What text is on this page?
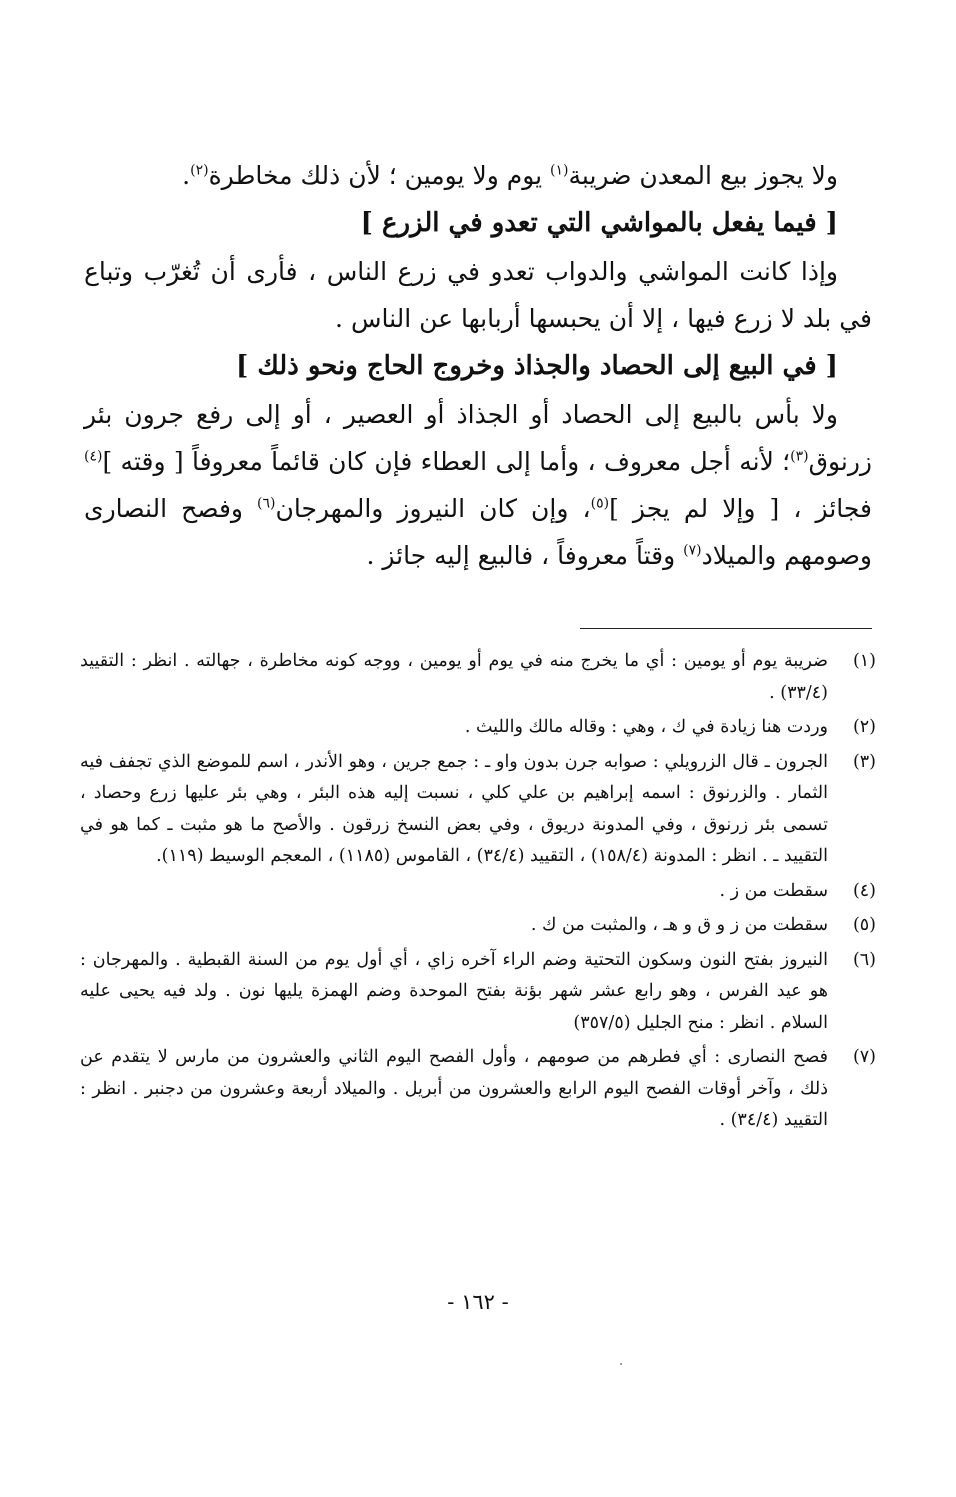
ولا يجوز بيع المعدن ضريبة$^{(١)}$ يوم ولا يومين ؛ لأن ذلك مخاطرة$^{(٢)}$.

[ فيما يفعل بالمواشي التي تعدو في الزرع ]

وإذا كانت المواشي والدواب تعدو في زرع الناس ، فأرى أن تُغرّب وتباع في بلد لا زرع فيها ، إلا أن يحبسها أربابها عن الناس .

[ في البيع إلى الحصاد والجذاذ وخروج الحاج ونحو ذلك ]

ولا بأس بالبيع إلى الحصاد أو الجذاذ أو العصير ، أو إلى رفع جرون بئر زرنوق$^{(٣)}$؛ لأنه أجل معروف ، وأما إلى العطاء فإن كان قائماً معروفاً [ وقته ]$^{(٤)}$ فجائز ، [ وإلا لم يجز ]$^{(٥)}$، وإن كان النيروز والمهرجان$^{(٦)}$ وفصح النصارى وصومهم والميلاد$^{(٧)}$ وقتاً معروفاً ، فالبيع إليه جائز .

(١)
ضريبة يوم أو يومين : أي ما يخرج منه في يوم أو يومين ، ووجه كونه مخاطرة ، جهالته . انظر : التقييد (٣٣/٤) .
(٢)
وردت هنا زيادة في ك ، وهي : وقاله مالك والليث .
(٣)
الجرون ـ قال الزرويلي : صوابه جرن بدون واو ـ : جمع جرين ، وهو الأندر ، اسم للموضع الذي تجفف فيه الثمار . والزرنوق : اسمه إبراهيم بن علي كلي ، نسبت إليه هذه البئر ، وهي بئر عليها زرع وحصاد ، تسمى بئر زرنوق ، وفي المدونة دريوق ، وفي بعض النسخ زرقون . والأصح ما هو مثبت ـ كما هو في التقييد ـ . انظر : المدونة (١٥٨/٤) ، التقييد (٣٤/٤) ، القاموس (١١٨٥) ، المعجم الوسيط (١١٩).
(٤)
سقطت من ز .
(٥)
سقطت من ز و ق و هـ ، والمثبت من ك .
(٦)
النيروز بفتح النون وسكون التحتية وضم الراء آخره زاي ، أي أول يوم من السنة القبطية . والمهرجان : هو عيد الفرس ، وهو رابع عشر شهر بؤنة بفتح الموحدة وضم الهمزة يليها نون . ولد فيه يحيى عليه السلام . انظر : منح الجليل (٣٥٧/٥)
(٧)
فصح النصارى : أي فطرهم من صومهم ، وأول الفصح اليوم الثاني والعشرون من مارس لا يتقدم عن ذلك ، وآخر أوقات الفصح اليوم الرابع والعشرون من أبريل . والميلاد أربعة وعشرون من دجنبر . انظر : التقييد (٣٤/٤) .
- ١٦٢ -
